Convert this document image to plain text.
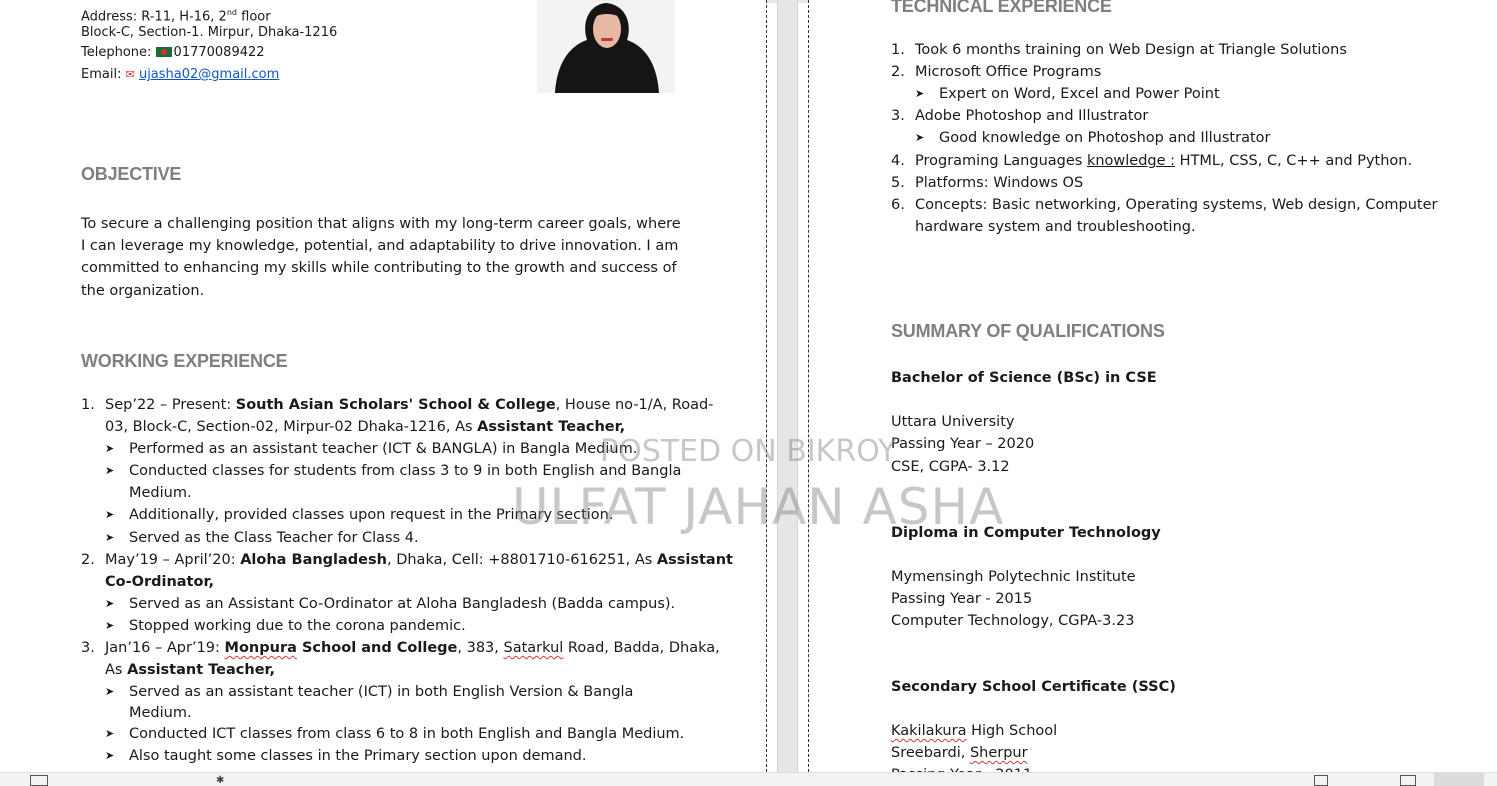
Address: R-11, H-16, 2nd floor
Block-C, Section-1. Mirpur, Dhaka-1216
Telephone:
01770089422
Email: ✉ ujasha02@gmail.com
OBJECTIVE
To secure a challenging position that aligns with my long-term career goals, where
I can leverage my knowledge, potential, and adaptability to drive innovation. I am
committed to enhancing my skills while contributing to the growth and success of
the organization.
WORKING EXPERIENCE
1. Sep’22 – Present: South Asian Scholars' School & College, House no-1/A, Road-
03, Block-C, Section-02, Mirpur-02 Dhaka-1216, As Assistant Teacher,
➤ Performed as an assistant teacher (ICT & BANGLA) in Bangla Medium.
➤ Conducted classes for students from class 3 to 9 in both English and Bangla
Medium.
➤ Additionally, provided classes upon request in the Primary section.
➤ Served as the Class Teacher for Class 4.
2. May’19 – April’20: Aloha Bangladesh, Dhaka, Cell: +8801710-616251, As Assistant
Co-Ordinator,
➤ Served as an Assistant Co-Ordinator at Aloha Bangladesh (Badda campus).
➤ Stopped working due to the corona pandemic.
3. Jan’16 – Apr’19: Monpura School and College, 383, Satarkul Road, Badda, Dhaka,
As Assistant Teacher,
➤ Served as an assistant teacher (ICT) in both English Version & Bangla
Medium.
➤ Conducted ICT classes from class 6 to 8 in both English and Bangla Medium.
➤ Also taught some classes in the Primary section upon demand.
TECHNICAL EXPERIENCE
1. Took 6 months training on Web Design at Triangle Solutions
2. Microsoft Office Programs
➤ Expert on Word, Excel and Power Point
3. Adobe Photoshop and Illustrator
➤ Good knowledge on Photoshop and Illustrator
4. Programing Languages knowledge : HTML, CSS, C, C++ and Python.
5. Platforms: Windows OS
6. Concepts: Basic networking, Operating systems, Web design, Computer
hardware system and troubleshooting.
SUMMARY OF QUALIFICATIONS
Bachelor of Science (BSc) in CSE
Uttara University
Passing Year – 2020
CSE, CGPA- 3.12
Diploma in Computer Technology
Mymensingh Polytechnic Institute
Passing Year - 2015
Computer Technology, CGPA-3.23
Secondary School Certificate (SSC)
Kakilakura High School
Sreebardi, Sherpur
POSTED ON BIKROY
ULFAT JAHAN ASHA
✱
